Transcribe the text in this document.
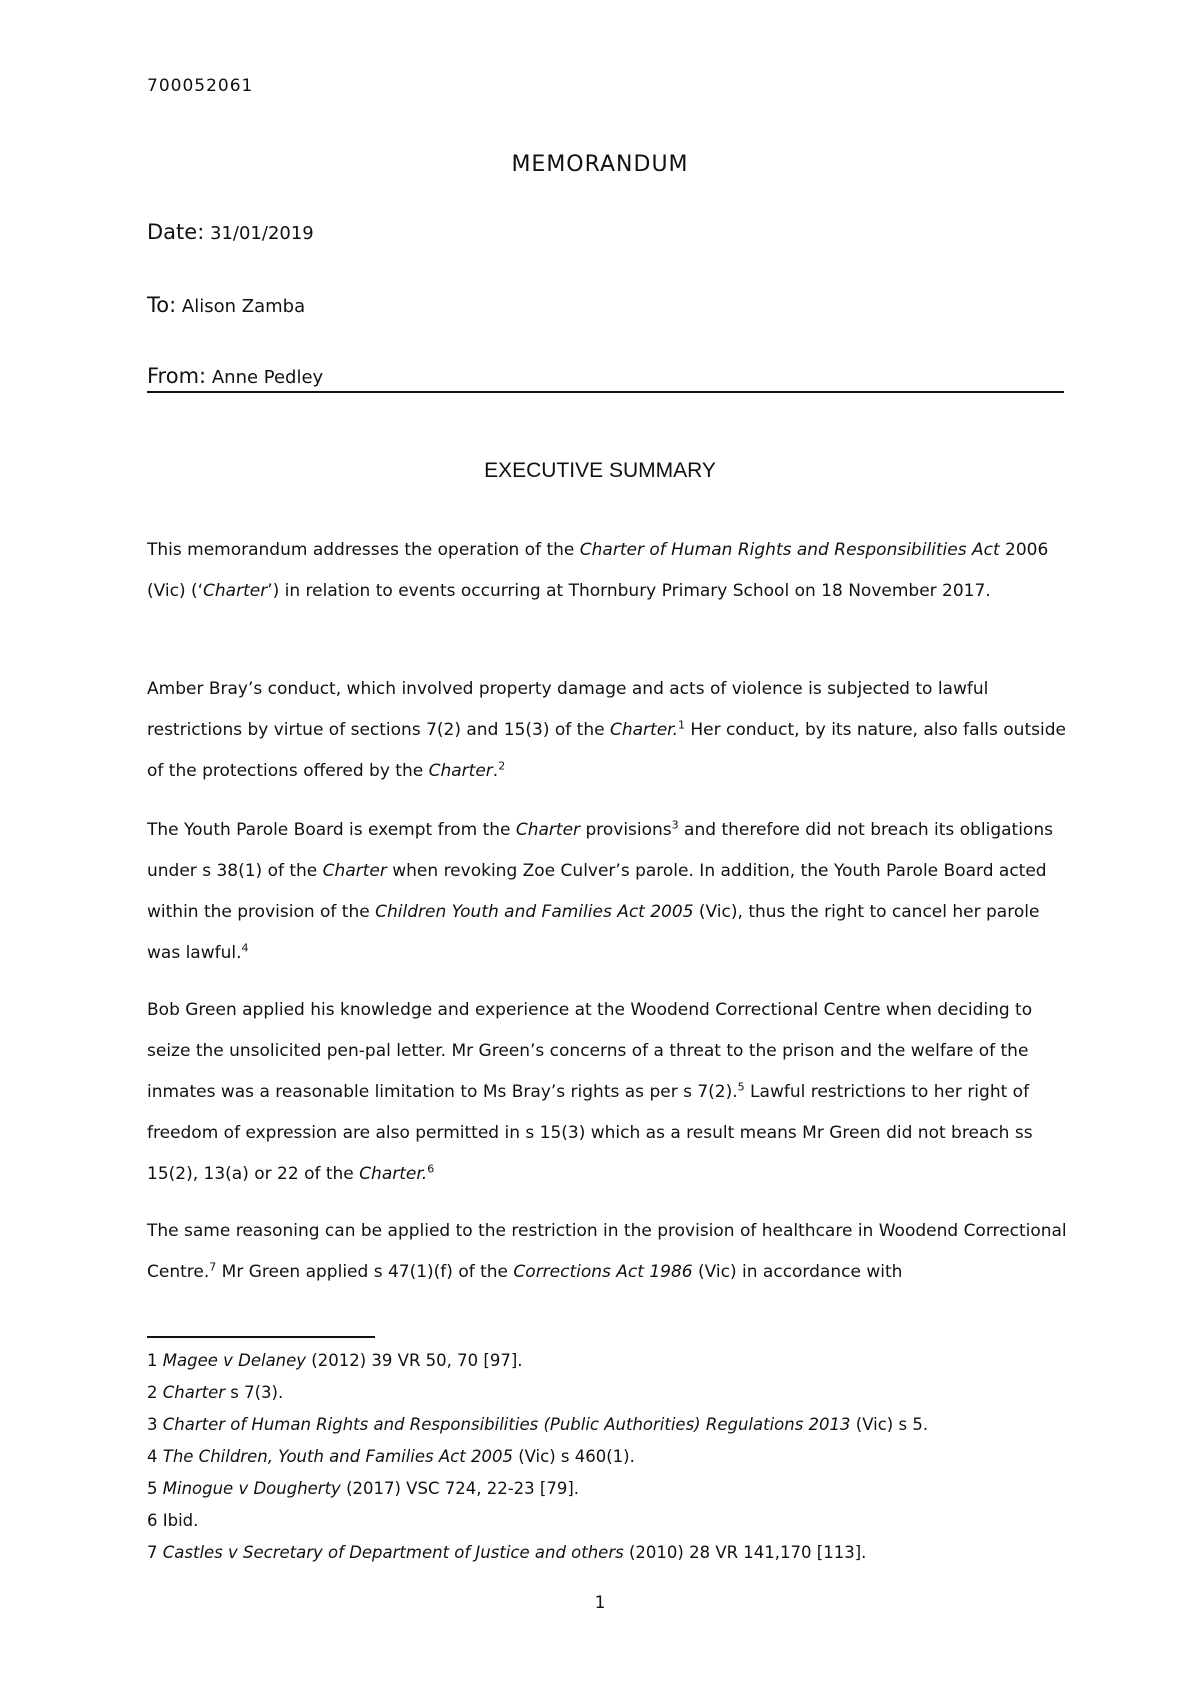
700052061
MEMORANDUM
Date: 31/01/2019
To: Alison Zamba
From: Anne Pedley
EXECUTIVE SUMMARY

This memorandum addresses the operation of the Charter of Human Rights and Responsibilities Act 2006 (Vic) (‘Charter’) in relation to events occurring at Thornbury Primary School on 18 November 2017.

Amber Bray’s conduct, which involved property damage and acts of violence is subjected to lawful restrictions by virtue of sections 7(2) and 15(3) of the Charter.$^1$ Her conduct, by its nature, also falls outside of the protections offered by the Charter.$^2$

The Youth Parole Board is exempt from the Charter provisions$^3$ and therefore did not breach its obligations under s 38(1) of the Charter when revoking Zoe Culver’s parole. In addition, the Youth Parole Board acted within the provision of the Children Youth and Families Act 2005 (Vic), thus the right to cancel her parole was lawful.$^4$

Bob Green applied his knowledge and experience at the Woodend Correctional Centre when deciding to seize the unsolicited pen-pal letter. Mr Green’s concerns of a threat to the prison and the welfare of the inmates was a reasonable limitation to Ms Bray’s rights as per s 7(2).$^5$ Lawful restrictions to her right of freedom of expression are also permitted in s 15(3) which as a result means Mr Green did not breach ss 15(2), 13(a) or 22 of the Charter.$^6$

The same reasoning can be applied to the restriction in the provision of healthcare in Woodend Correctional Centre.$^7$ Mr Green applied s 47(1)(f) of the Corrections Act 1986 (Vic) in accordance with

1 Magee v Delaney (2012) 39 VR 50, 70 [97].
2 Charter s 7(3).
3 Charter of Human Rights and Responsibilities (Public Authorities) Regulations 2013 (Vic) s 5.
4 The Children, Youth and Families Act 2005 (Vic) s 460(1).
5 Minogue v Dougherty (2017) VSC 724, 22-23 [79].
6 Ibid.
7 Castles v Secretary of Department of Justice and others (2010) 28 VR 141,170 [113].
1
